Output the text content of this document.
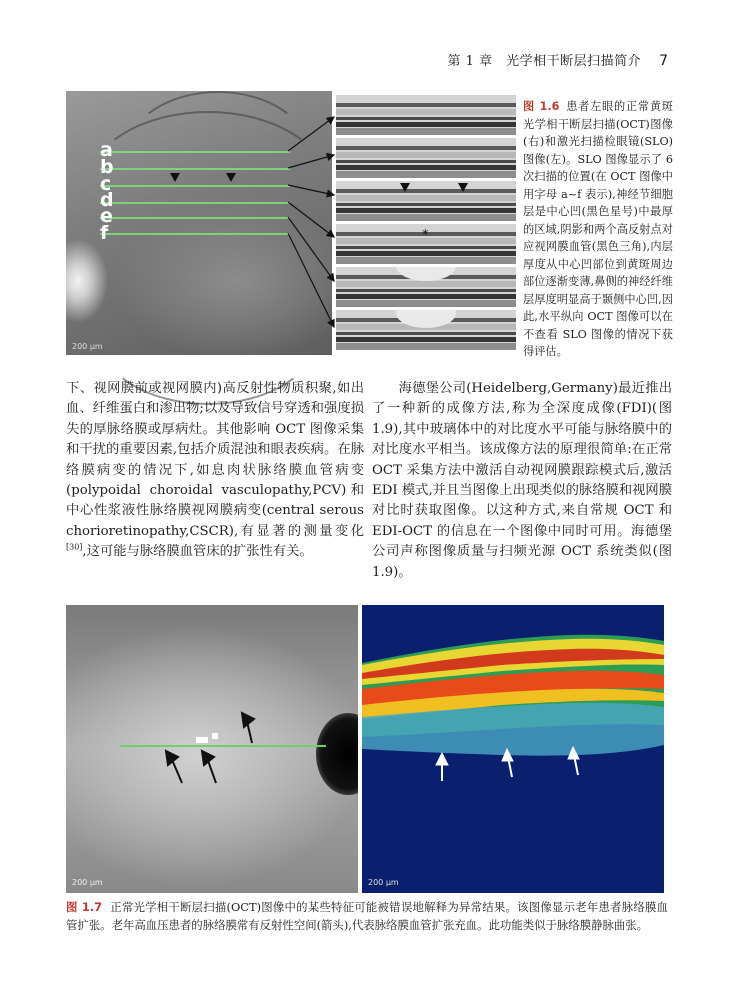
第 1 章　光学相干断层扫描简介 7
a
b
c
d
e
f
200 μm
*
图 1.6 患者左眼的正常黄斑光学相干断层扫描(OCT)图像(右)和激光扫描检眼镜(SLO)图像(左)。SLO 图像显示了 6 次扫描的位置(在 OCT 图像中用字母 a~f 表示),神经节细胞层是中心凹(黑色星号)中最厚的区域,阴影和两个高反射点对应视网膜血管(黑色三角),内层厚度从中心凹部位到黄斑周边部位逐渐变薄,鼻侧的神经纤维层厚度明显高于颞侧中心凹,因此,水平纵向 OCT 图像可以在不查看 SLO 图像的情况下获得评估。
下、视网膜前或视网膜内)高反射性物质积聚,如出血、纤维蛋白和渗出物;以及导致信号穿透和强度损失的厚脉络膜或厚病灶。其他影响 OCT 图像采集和干扰的重要因素,包括介质混浊和眼表疾病。在脉络膜病变的情况下,如息肉状脉络膜血管病变(polypoidal choroidal vasculopathy,PCV)和中心性浆液性脉络膜视网膜病变(central serous chorioretinopathy,CSCR),有显著的测量变化[30],这可能与脉络膜血管床的扩张性有关。
海德堡公司(Heidelberg,Germany)最近推出了一种新的成像方法,称为全深度成像(FDI)(图 1.9),其中玻璃体中的对比度水平可能与脉络膜中的对比度水平相当。该成像方法的原理很简单:在正常 OCT 采集方法中激活自动视网膜跟踪模式后,激活 EDI 模式,并且当图像上出现类似的脉络膜和视网膜对比时获取图像。以这种方式,来自常规 OCT 和 EDI-OCT 的信息在一个图像中同时可用。海德堡公司声称图像质量与扫频光源 OCT 系统类似(图 1.9)。
200 μm	200 μm
图 1.7 正常光学相干断层扫描(OCT)图像中的某些特征可能被错误地解释为异常结果。该图像显示老年患者脉络膜血管扩张。老年高血压患者的脉络膜常有反射性空间(箭头),代表脉络膜血管扩张充血。此功能类似于脉络膜静脉曲张。
